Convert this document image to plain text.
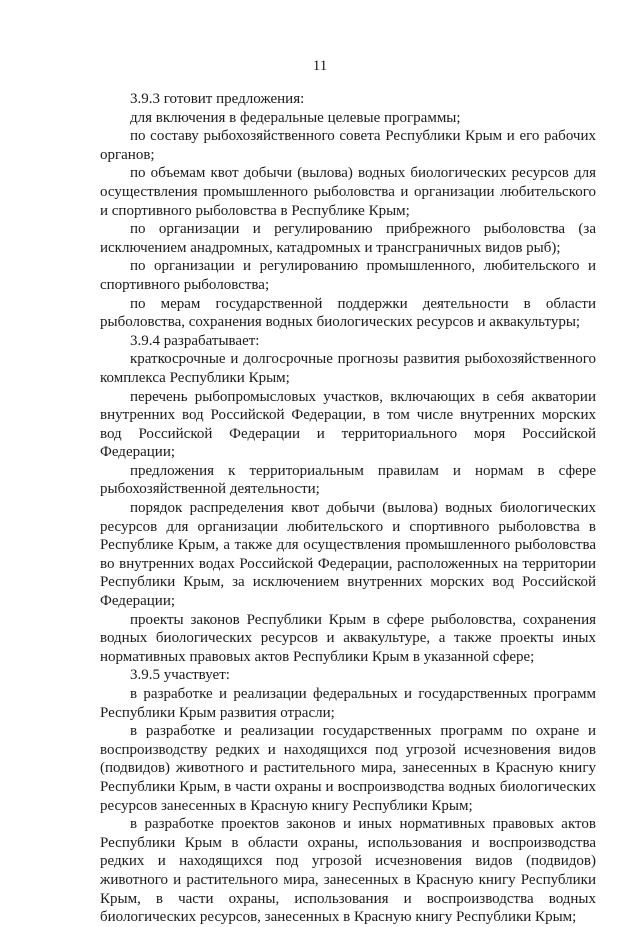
11

3.9.3 готовит предложения:

для включения в федеральные целевые программы;

по составу рыбохозяйственного совета Республики Крым и его рабочих органов;

по объемам квот добычи (вылова) водных биологических ресурсов для осуществления промышленного рыболовства и организации любительского и спортивного рыболовства в Республике Крым;

по организации и регулированию прибрежного рыболовства (за исключением анадромных, катадромных и трансграничных видов рыб);

по организации и регулированию промышленного, любительского и спортивного рыболовства;

по мерам государственной поддержки деятельности в области рыболовства, сохранения водных биологических ресурсов и аквакультуры;

3.9.4 разрабатывает:

краткосрочные и долгосрочные прогнозы развития рыбохозяйственного комплекса Республики Крым;

перечень рыбопромысловых участков, включающих в себя акватории внутренних вод Российской Федерации, в том числе внутренних морских вод Российской Федерации и территориального моря Российской Федерации;

предложения к территориальным правилам и нормам в сфере рыбохозяйственной деятельности;

порядок распределения квот добычи (вылова) водных биологических ресурсов для организации любительского и спортивного рыболовства в Республике Крым, а также для осуществления промышленного рыболовства во внутренних водах Российской Федерации, расположенных на территории Республики Крым, за исключением внутренних морских вод Российской Федерации;

проекты законов Республики Крым в сфере рыболовства, сохранения водных биологических ресурсов и аквакультуре, а также проекты иных нормативных правовых актов Республики Крым в указанной сфере;

3.9.5 участвует:

в разработке и реализации федеральных и государственных программ Республики Крым развития отрасли;

в разработке и реализации государственных программ по охране и воспроизводству редких и находящихся под угрозой исчезновения видов (подвидов) животного и растительного мира, занесенных в Красную книгу Республики Крым, в части охраны и воспроизводства водных биологических ресурсов занесенных в Красную книгу Республики Крым;

в разработке проектов законов и иных нормативных правовых актов Республики Крым в области охраны, использования и воспроизводства редких и находящихся под угрозой исчезновения видов (подвидов) животного и растительного мира, занесенных в Красную книгу Республики Крым, в части охраны, использования и воспроизводства водных биологических ресурсов, занесенных в Красную книгу Республики Крым;
